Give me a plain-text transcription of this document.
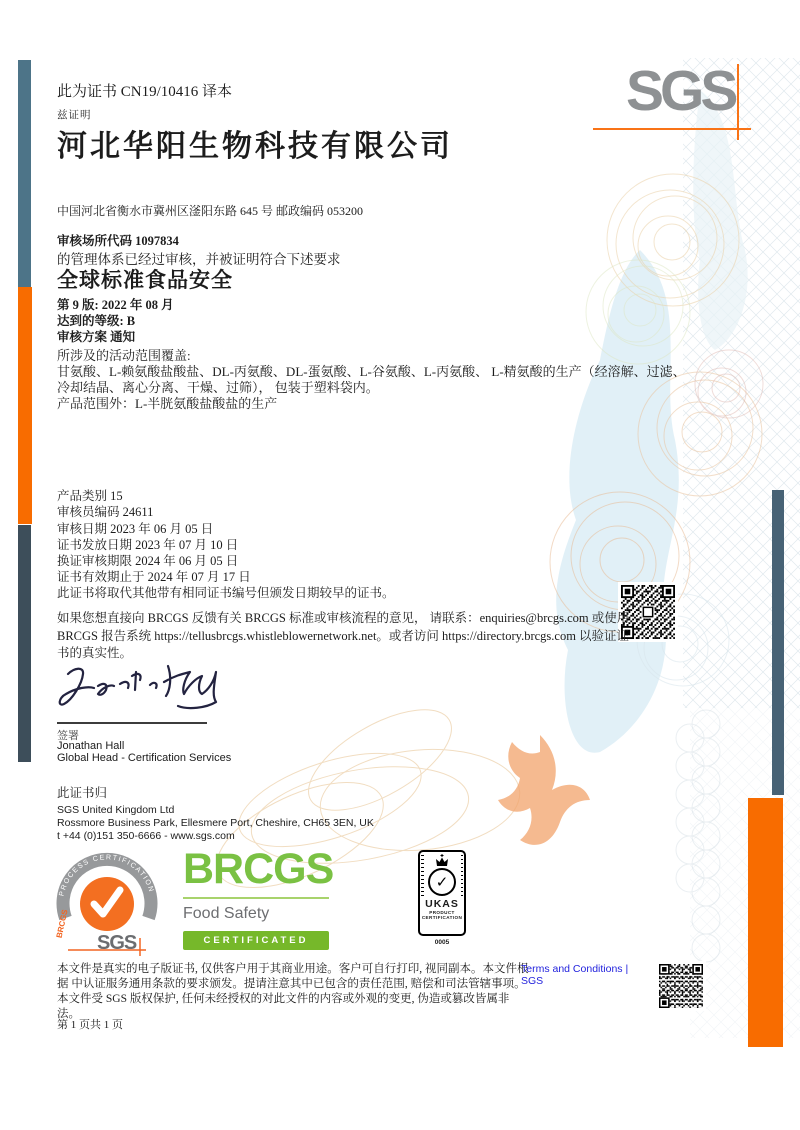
SGS
此为证书 CN19/10416 译本
兹证明
河北华阳生物科技有限公司
中国河北省衡水市冀州区滏阳东路 645 号 邮政编码 053200
审核场所代码 1097834
的管理体系已经过审核，并被证明符合下述要求
全球标准食品安全
第 9 版: 2022 年 08 月
达到的等级: B
审核方案 通知
所涉及的活动范围覆盖:
甘氨酸、L-赖氨酸盐酸盐、DL-丙氨酸、DL-蛋氨酸、L-谷氨酸、L-丙氨酸、 L-精氨酸的生产（经溶解、过滤、
冷却结晶、离心分离、干燥、过筛）， 包装于塑料袋内。
产品范围外：L-半胱氨酸盐酸盐的生产
产品类别 15
审核员编码 24611
审核日期 2023 年 06 月 05 日
证书发放日期 2023 年 07 月 10 日
换证审核期限 2024 年 06 月 05 日
证书有效期止于 2024 年 07 月 17 日
此证书将取代其他带有相同证书编号但颁发日期较早的证书。
如果您想直接向 BRCGS 反馈有关 BRCGS 标准或审核流程的意见， 请联系：enquiries@brcgs.com 或使用 BRCGS 报告系统 https://tellusbrcgs.whistleblowernetwork.net。或者访问 https://directory.brcgs.com 以验证证书的真实性。
签署
Jonathan Hall
Global Head - Certification Services
此证书归
SGS United Kingdom Ltd
Rossmore Business Park, Ellesmere Port, Cheshire, CH65 3EN, UK
t +44 (0)151 350-6666 - www.sgs.com
PROCESS CERTIFICATION
BRCGS
SGS
BRCGS
Food Safety
CERTIFICATED
✓
UKAS
PRODUCT
CERTIFICATION
0005

本文件是真实的电子版证书, 仅供客户用于其商业用途。客户可自行打印, 视同副本。本文件根据 中认证服务通用条款的要求颁发。提请注意其中已包含的责任范围, 赔偿和司法管辖事项。本文件受 SGS 版权保护, 任何未经授权的对此文件的内容或外观的变更, 伪造或篡改皆属非法。

Terms and Conditions | SGS
第 1 页共 1 页
